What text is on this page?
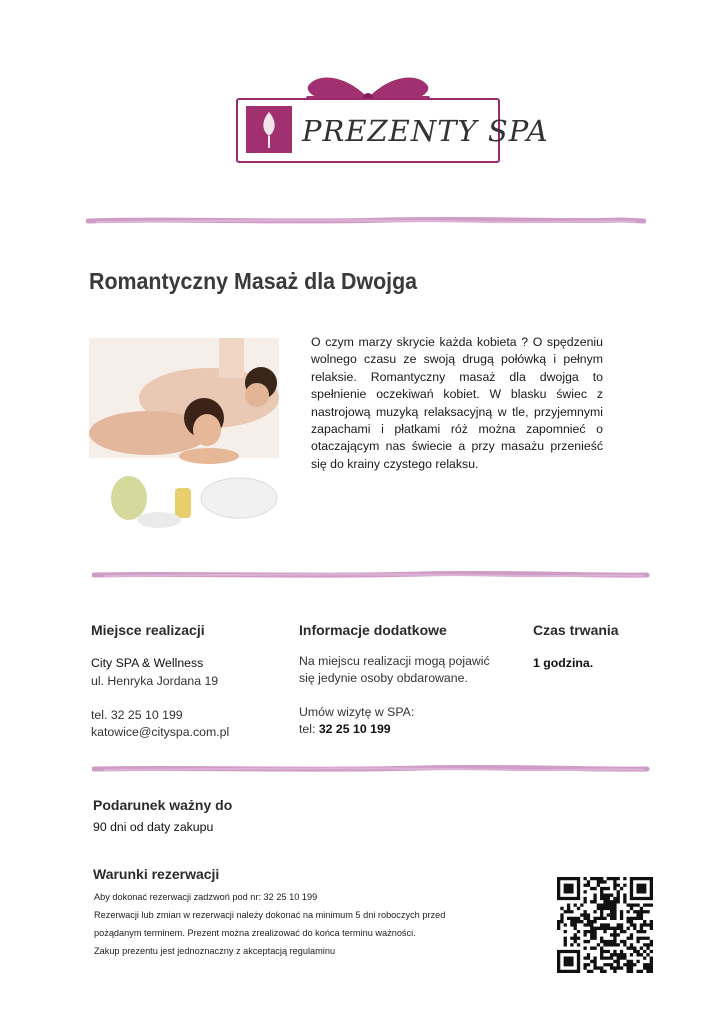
PREZENTY SPA
Romantyczny Masaż dla Dwojga

O czym marzy skrycie każda kobieta ? O spędzeniu wolnego czasu ze swoją drugą połówką i pełnym relaksie. Romantyczny masaż dla dwojga to spełnienie oczekiwań kobiet. W blasku świec z nastrojową muzyką relaksacyjną w tle, przyjemnymi zapachami i płatkami róż można zapomnieć o otaczającym nas świecie a przy masażu przenieść się do krainy czystego relaksu.

Miejsce realizacji
City SPA & Wellness
ul. Henryka Jordana 19
tel. 32 25 10 199
katowice@cityspa.com.pl
Informacje dodatkowe
Na miejscu realizacji mogą pojawić
się jedynie osoby obdarowane.
Umów wizytę w SPA:
tel: 32 25 10 199
Czas trwania
1 godzina.
Podarunek ważny do
90 dni od daty zakupu
Warunki rezerwacji
Aby dokonać rezerwacji zadzwoń pod nr: 32 25 10 199
Rezerwacji lub zmian w rezerwacji należy dokonać na minimum 5 dni roboczych przed
pożądanym terminem. Prezent można zrealizować do końca terminu ważności.
Zakup prezentu jest jednoznaczny z akceptacją regulaminu
